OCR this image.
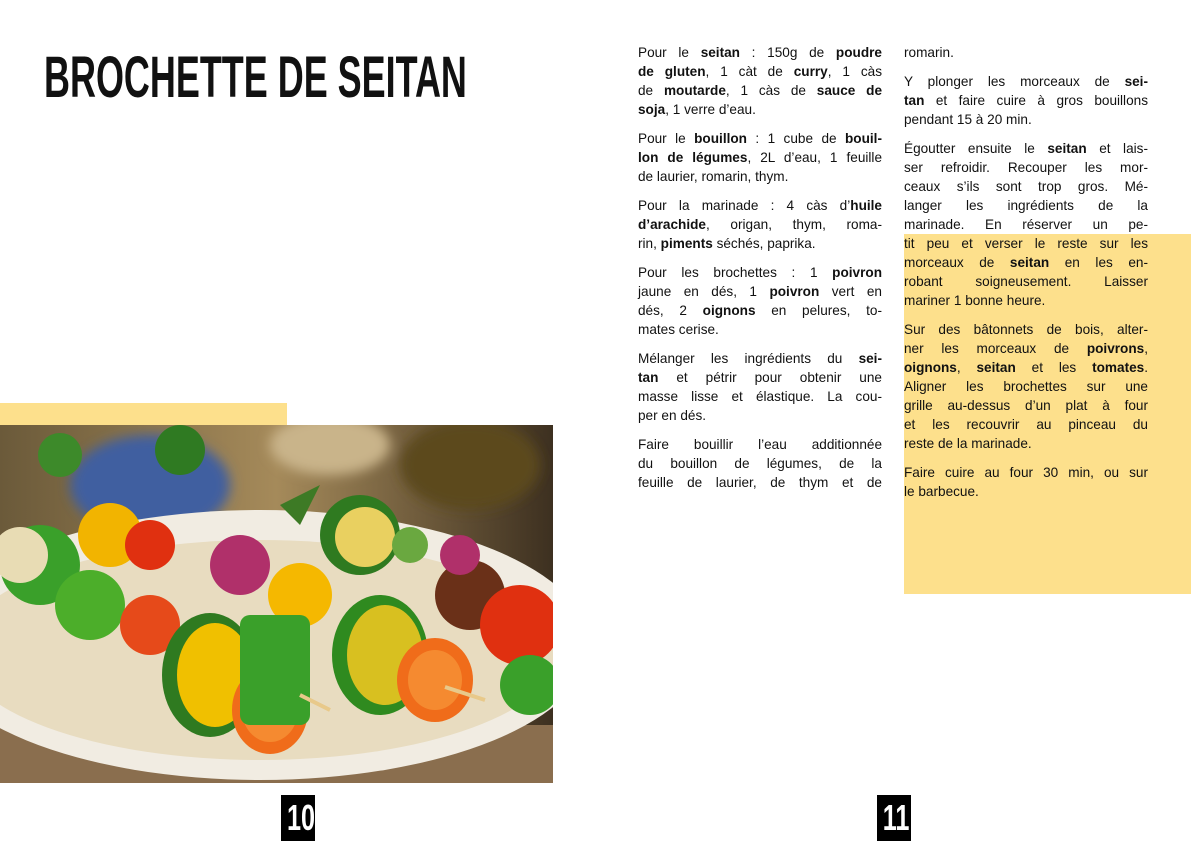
BROCHETTE DE SEITAN	Pour le seitan : 150g de poudre
de gluten, 1 càt de curry, 1 càs
de moutarde, 1 càs de sauce de
soja, 1 verre d’eau.

Pour le bouillon : 1 cube de bouil-
lon de légumes, 2L d’eau, 1 feuille
de laurier, romarin, thym.

Pour la marinade : 4 càs d’huile
d’arachide, origan, thym, roma-
rin, piments séchés, paprika.

Pour les brochettes : 1 poivron
jaune en dés, 1 poivron vert en
dés, 2 oignons en pelures, to-
mates cerise.

Mélanger les ingrédients du sei-
tan et pétrir pour obtenir une
masse lisse et élastique. La cou-
per en dés.

Faire bouillir l’eau additionnée
du bouillon de légumes, de la
feuille de laurier, de thym et de

romarin.

Y plonger les morceaux de sei-
tan et faire cuire à gros bouillons
pendant 15 à 20 min.

Égoutter ensuite le seitan et lais-
ser refroidir. Recouper les mor-
ceaux s’ils sont trop gros. Mé-
langer les ingrédients de la
marinade. En réserver un pe-
tit peu et verser le reste sur les
morceaux de seitan en les en-
robant soigneusement. Laisser
mariner 1 bonne heure.

Sur des bâtonnets de bois, alter-
ner les morceaux de poivrons,
oignons, seitan et les tomates.
Aligner les brochettes sur une
grille au-dessus d’un plat à four
et les recouvrir au pinceau du
reste de la marinade.

Faire cuire au four 30 min, ou sur
le barbecue.

10	11
